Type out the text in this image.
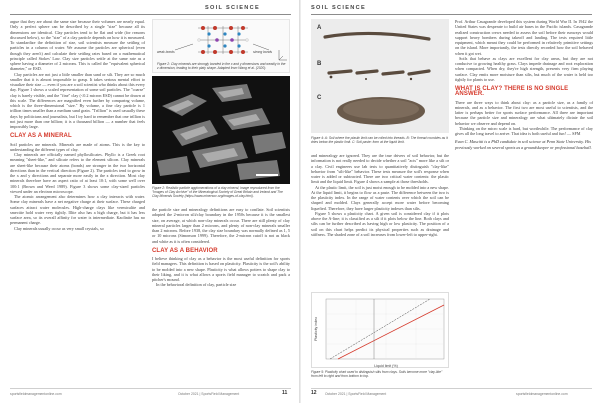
SOIL SCIENCE

argue that they are about the same size because their volumes are nearly equal. Only a perfect sphere can be described by a single "size" because all its dimensions are identical. Clay particles tend to be flat and wide (for reasons discussed below), so the "size" of a clay particle depends on how it is measured. To standardize the definition of size, soil scientists measure the settling of particles in a column of water. We assume the particles are spherical (even though they aren't) and calculate their settling rates based on a mathematical principle called Stokes' Law. Clay size particles settle at the same rate as a sphere having a diameter of 2 microns. This is called the "equivalent spherical diameter," or ESD.

Clay particles are not just a little smaller than sand or silt. They are so much smaller that it is almost impossible to grasp. It takes serious mental effort to visualize their size — even if you are a soil scientist who thinks about this every day. Figure 1 shows a scaled representation of some soil particles. The "coarse" clay is barely visible, and the "fine" clay (<0.2 micron ESD) cannot be drawn at this scale. The differences are magnified even further by comparing volume, which is the three-dimensional "size." By volume, a fine clay particle is 1 trillion times smaller than a medium sand grain. "Trillion" is used casually these days by politicians and journalists, but I try hard to remember that one trillion is not just more than one billion; it is a thousand billion — a number that feels impossibly large.

CLAY AS A MINERAL

Soil particles are minerals. Minerals are made of atoms. This is the key to understanding the different types of clay.

Clay minerals are officially named phyllosilicates. Phyllo is a Greek root meaning "sheet-like," and silicate refers to the element silicon. Clay minerals are sheet-like because their atoms (bonds) are stronger in the two horizontal directions than in the vertical direction (Figure 2). The particles tend to grow in the x and y directions and separate more easily in the z direction. Most clay minerals therefore have an aspect ratio of at least 10:1, with some well over 100:1 (Brown and Weed 1989). Figure 3 shows some clay-sized particles viewed under an electron microscope.

The atomic arrangement also determines how a clay interacts with water. Some clay minerals have a net negative charge at their surface. These charged surfaces attract water molecules. High-charge clays like vermiculite and smectite hold water very tightly. Illite also has a high charge, but it has less surface area, so its overall affinity for water is intermediate. Kaolinite has no permanent charge.

Clay minerals usually occur as very small crystals, so

weak bonds	strong bonds
Figure 2: Clay minerals are strongly bonded in the x and y dimensions and weakly in the z dimension, leading to their platy shape. Adapted from Wang et al. (2020).
Figure 2: Realistic particle agglomerations of a clay mineral, image reproduced from the "Images of Clay Archive" of the Mineralogical Society of Great Britain and Ireland and The Clay Minerals Society (https://www.minersoc.org/images-of-clay.html).

the particle size and mineralogy definitions are easy to conflate. Soil scientists adopted the 2-micron sili/clay boundary in the 1950s because it is the smallest size, on average, at which non-clay minerals occur. There are still plenty of clay mineral particles larger than 2 microns, and plenty of non-clay minerals smaller than 2 microns. Before 1938, the clay size boundary was normally defined as 1, 5 or 10 microns (Simonson 1999). Therefore, the 2-micron cutoff is not as black and white as it is often considered.

CLAY AS A BEHAVIOR

I believe thinking of clay as a behavior is the most useful definition for sports field managers. This definition is based on plasticity. Plasticity is the soil's ability to be molded into a new shape. Plasticity is what allows potters to shape clay to their liking, and it is what allows a sports field manager to scratch and pack a pitcher's mound.

In the behavioral definition of clay, particle size

sportsfieldmanagementonline.com	October 2021 | SportsField Management	11
SOIL SCIENCE
A
B
C
Figure 4: A: Soil where the plastic limit can be rolled into threads. B: The thread crumbles as it dries below the plastic limit. C: Soil paste: form at the liquid limit.

and mineralogy are ignored. They are the true drivers of soil behavior, but the information is not really needed to decide whether a soil "acts" more like a silt or a clay. Civil engineers use lab tests to quantitatively distinguish "clay-like" behavior from "silt-like" behavior. These tests measure the soil's response when water is added or subtracted. There are two critical water contents: the plastic limit and the liquid limit. Figure 4 shows a sample at those thresholds.

At the plastic limit, the soil is just moist enough to be molded into a new shape. At the liquid limit, it begins to flow as a paste. The difference between the two is the plasticity index. In the range of water contents over which the soil can be shaped and molded. Clays generally accept more water before becoming liquefied. Therefore, they have larger plasticity indexes than silts.

Figure 5 shows a plasticity chart. A given soil is considered clay if it plots above the A-line; it is classified as a silt if it plots below the line. Both clays and silts can be further described as having high or low plasticity. The position of a soil on this chart helps predict its physical properties such as drainage and stiffness. The shaded zone of a soil increases from lower-left to upper-right.

Liquid limit (%)
Plasticity index
Figure 5: Plasticity chart used to distinguish silts from clays. Soils become more "clay-like" from left to right and from bottom to top.

Prof. Arthur Casagrande developed this system during World War II. In 1942 the United States was desperate to build air bases in the Pacific islands. Casagrande realized construction crews needed to assess the soil before their runways would support heavy bombers during takeoff and landing. The tests required little equipment, which meant they could be performed in relatively primitive settings on the island. More importantly, the tests directly recorded how the soil behaved when it got wet.

Soils that behave as clays are excellent for clay areas, but they are not conducive to growing healthy grass. Clays impede drainage and root exploration when compacted. When dry, they're high strength, presents very firm playing surface. Clay emits more moisture than silts, but much of the water is held too tightly for plants to use.

WHAT IS CLAY? THERE IS NO SINGLE ANSWER.

There are three ways to think about clay: as a particle size, as a family of minerals, and as a behavior. The first two are most useful to scientists, and the latter is perhaps better for sports surface performance. All three are important because the particle size and mineralogy are what ultimately dictate the soil behavior we observe and depend on.

Thinking on the micro scale is hard, but worthwhile. The performance of clay gives all the long travel to arrive. That idea is both useful and fun! — SFM

Evan C. Mascitti is a PhD candidate in soil science at Penn State University. His previously worked on several sports as a groundskeeper or professional baseball.
12 October 2021 | SportsField Management	sportsfieldmanagementonline.com
